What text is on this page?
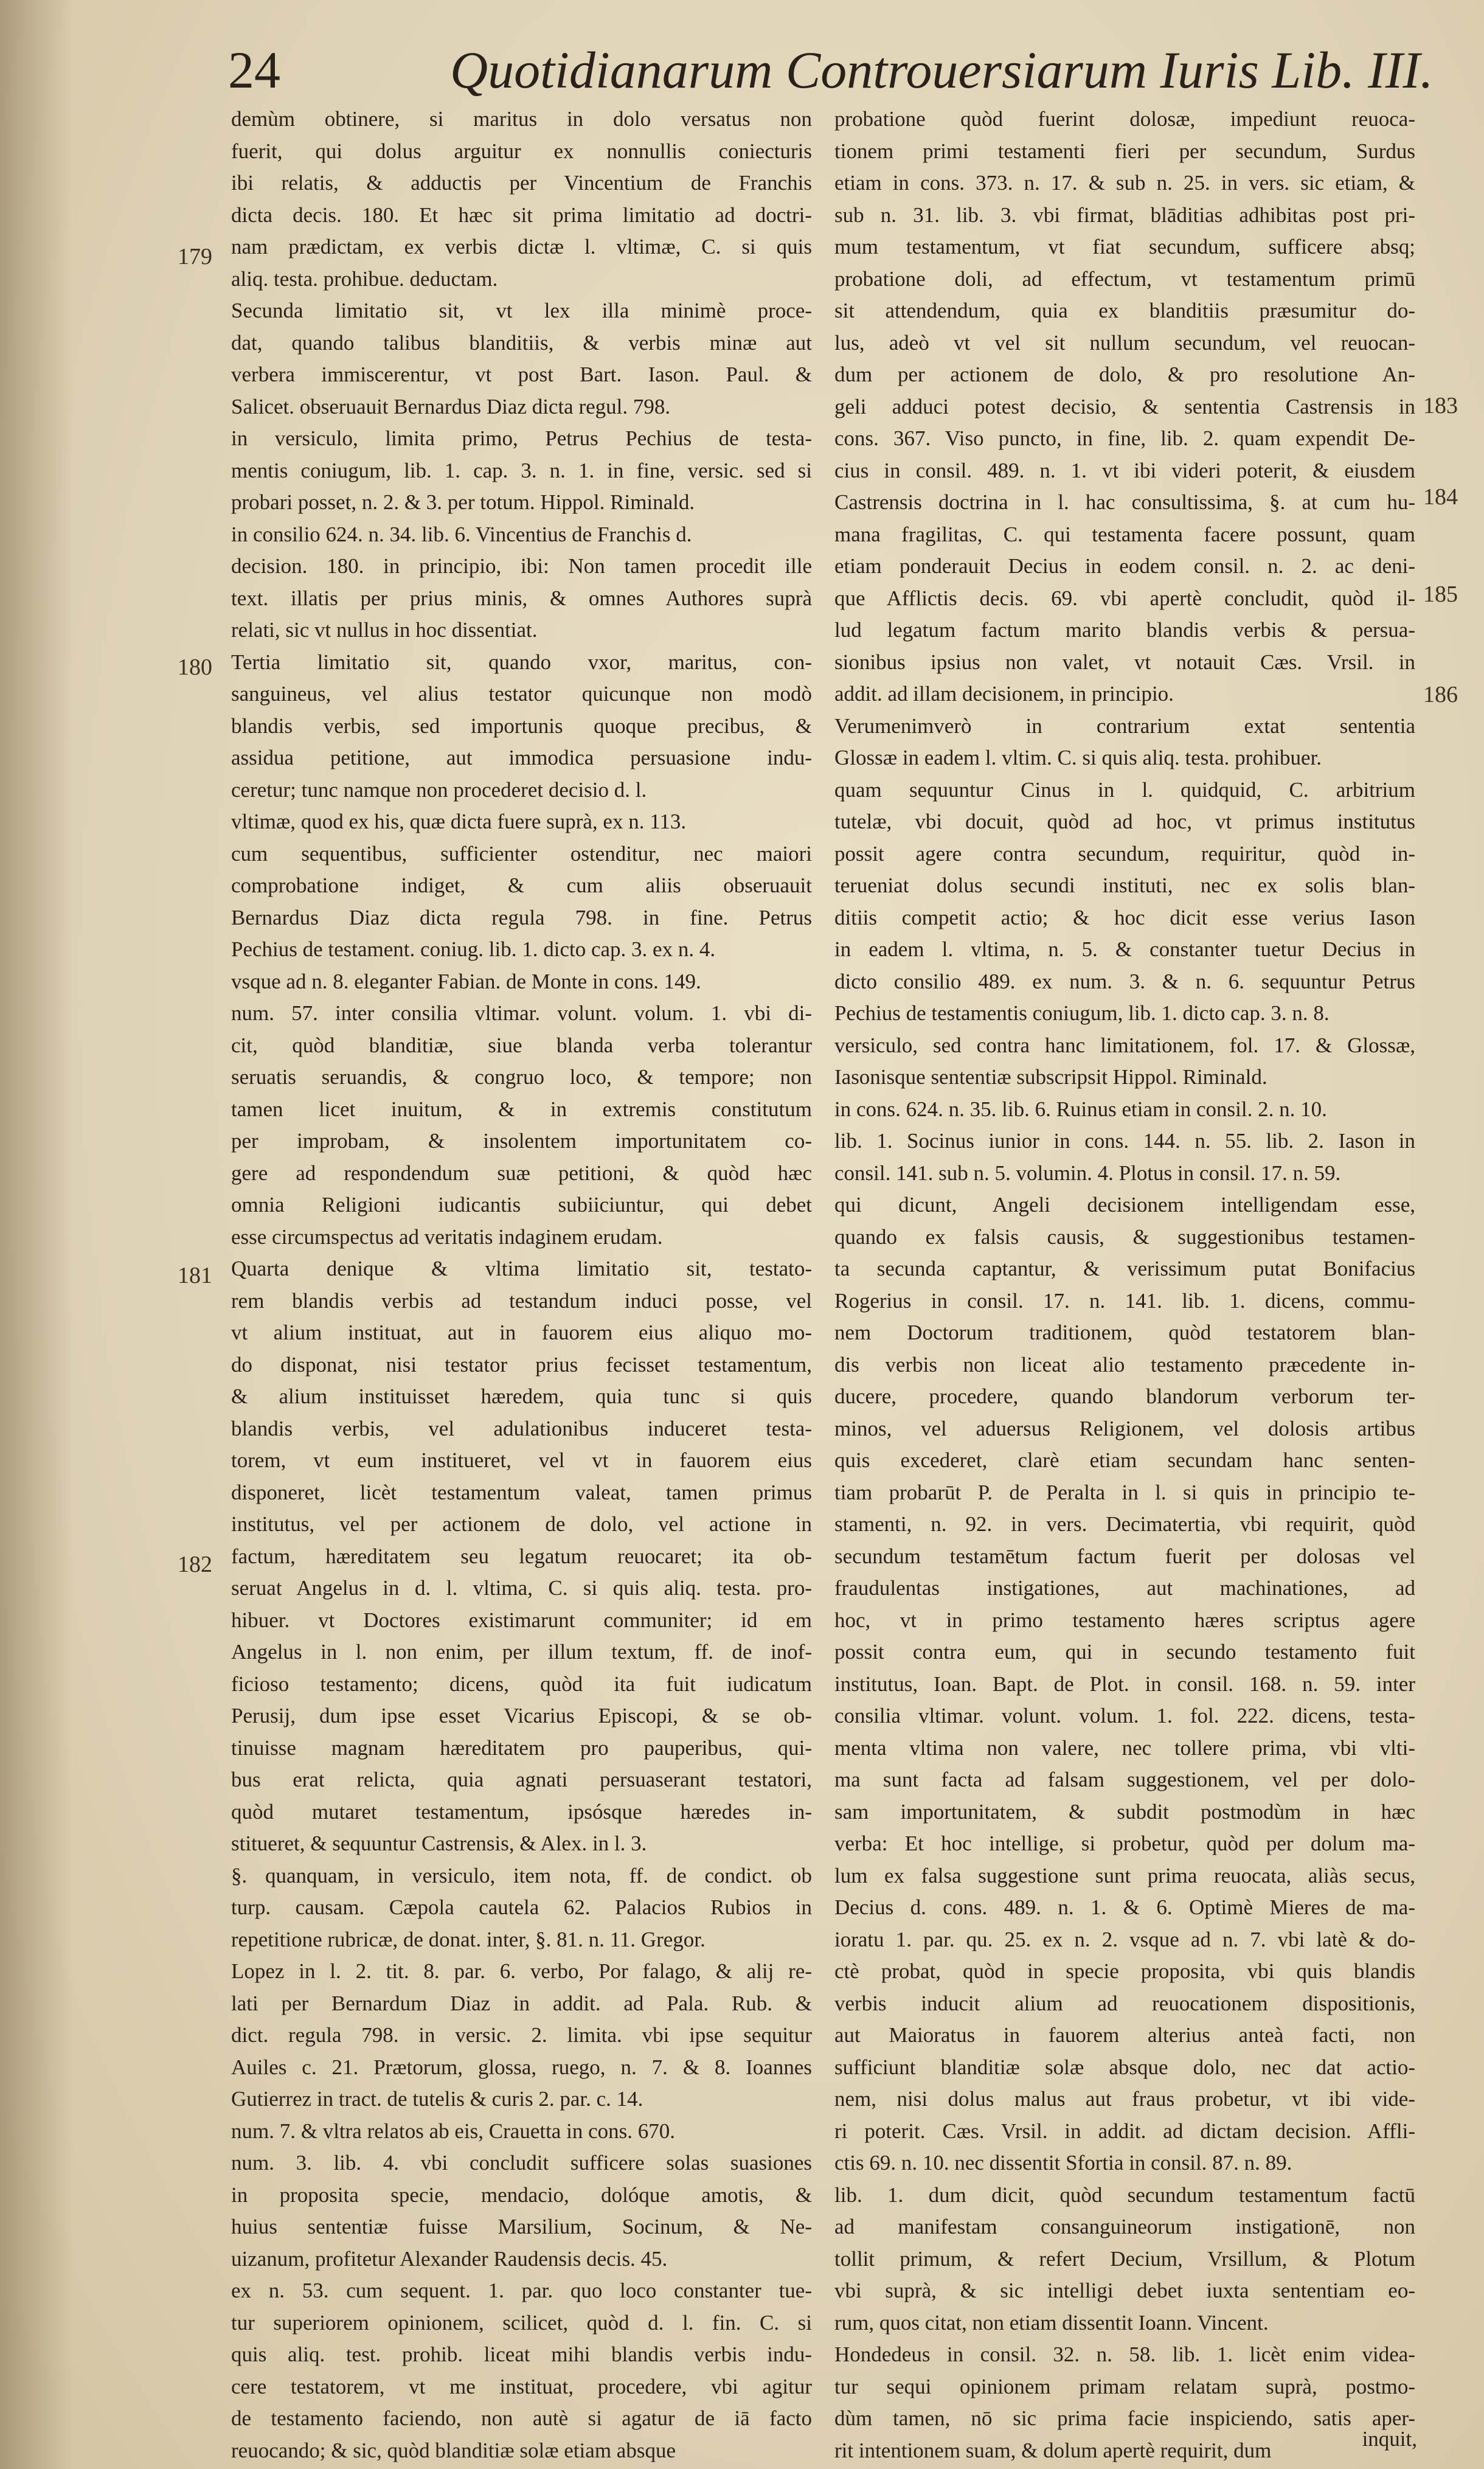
24	Quotidianarum Controuersiarum Iuris Lib. III.
demùm obtinere, si maritus in dolo versatus non
fuerit, qui dolus arguitur ex nonnullis coniecturis
ibi relatis, & adductis per Vincentium de Franchis
dicta decis. 180. Et hæc sit prima limitatio ad doctri-
nam prædictam, ex verbis dictæ l. vltimæ, C. si quis
aliq. testa. prohibue. deductam.
Secunda limitatio sit, vt lex illa minimè proce-
dat, quando talibus blanditiis, & verbis minæ aut
verbera immiscerentur, vt post Bart. Iason. Paul. &
Salicet. obseruauit Bernardus Diaz dicta regul. 798.
in versiculo, limita primo, Petrus Pechius de testa-
mentis coniugum, lib. 1. cap. 3. n. 1. in fine, versic. sed si
probari posset, n. 2. & 3. per totum. Hippol. Riminald.
in consilio 624. n. 34. lib. 6. Vincentius de Franchis d.
decision. 180. in principio, ibi: Non tamen procedit ille
text. illatis per prius minis, & omnes Authores suprà
relati, sic vt nullus in hoc dissentiat.
Tertia limitatio sit, quando vxor, maritus, con-
sanguineus, vel alius testator quicunque non modò
blandis verbis, sed importunis quoque precibus, &
assidua petitione, aut immodica persuasione indu-
ceretur; tunc namque non procederet decisio d. l.
vltimæ, quod ex his, quæ dicta fuere suprà, ex n. 113.
cum sequentibus, sufficienter ostenditur, nec maiori
comprobatione indiget, & cum aliis obseruauit
Bernardus Diaz dicta regula 798. in fine. Petrus
Pechius de testament. coniug. lib. 1. dicto cap. 3. ex n. 4.
vsque ad n. 8. eleganter Fabian. de Monte in cons. 149.
num. 57. inter consilia vltimar. volunt. volum. 1. vbi di-
cit, quòd blanditiæ, siue blanda verba tolerantur
seruatis seruandis, & congruo loco, & tempore; non
tamen licet inuitum, & in extremis constitutum
per improbam, & insolentem importunitatem co-
gere ad respondendum suæ petitioni, & quòd hæc
omnia Religioni iudicantis subiiciuntur, qui debet
esse circumspectus ad veritatis indaginem erudam.
Quarta denique & vltima limitatio sit, testato-
rem blandis verbis ad testandum induci posse, vel
vt alium instituat, aut in fauorem eius aliquo mo-
do disponat, nisi testator prius fecisset testamentum,
& alium instituisset hæredem, quia tunc si quis
blandis verbis, vel adulationibus induceret testa-
torem, vt eum institueret, vel vt in fauorem eius
disponeret, licèt testamentum valeat, tamen primus
institutus, vel per actionem de dolo, vel actione in
factum, hæreditatem seu legatum reuocaret; ita ob-
seruat Angelus in d. l. vltima, C. si quis aliq. testa. pro-
hibuer. vt Doctores existimarunt communiter; id em
Angelus in l. non enim, per illum textum, ff. de inof-
ficioso testamento; dicens, quòd ita fuit iudicatum
Perusij, dum ipse esset Vicarius Episcopi, & se ob-
tinuisse magnam hæreditatem pro pauperibus, qui-
bus erat relicta, quia agnati persuaserant testatori,
quòd mutaret testamentum, ipsósque hæredes in-
stitueret, & sequuntur Castrensis, & Alex. in l. 3.
§. quanquam, in versiculo, item nota, ff. de condict. ob
turp. causam. Cæpola cautela 62. Palacios Rubios in
repetitione rubricæ, de donat. inter, §. 81. n. 11. Gregor.
Lopez in l. 2. tit. 8. par. 6. verbo, Por falago, & alij re-
lati per Bernardum Diaz in addit. ad Pala. Rub. &
dict. regula 798. in versic. 2. limita. vbi ipse sequitur
Auiles c. 21. Prætorum, glossa, ruego, n. 7. & 8. Ioannes
Gutierrez in tract. de tutelis & curis 2. par. c. 14.
num. 7. & vltra relatos ab eis, Crauetta in cons. 670.
num. 3. lib. 4. vbi concludit sufficere solas suasiones
in proposita specie, mendacio, dolóque amotis, &
huius sententiæ fuisse Marsilium, Socinum, & Ne-
uizanum, profitetur Alexander Raudensis decis. 45.
ex n. 53. cum sequent. 1. par. quo loco constanter tue-
tur superiorem opinionem, scilicet, quòd d. l. fin. C. si
quis aliq. test. prohib. liceat mihi blandis verbis indu-
cere testatorem, vt me instituat, procedere, vbi agitur
de testamento faciendo, non autè si agatur de iā facto
reuocando; & sic, quòd blanditiæ solæ etiam absque
probatione quòd fuerint dolosæ, impediunt reuoca-
tionem primi testamenti fieri per secundum, Surdus
etiam in cons. 373. n. 17. & sub n. 25. in vers. sic etiam, &
sub n. 31. lib. 3. vbi firmat, blāditias adhibitas post pri-
mum testamentum, vt fiat secundum, sufficere absq;
probatione doli, ad effectum, vt testamentum primū
sit attendendum, quia ex blanditiis præsumitur do-
lus, adeò vt vel sit nullum secundum, vel reuocan-
dum per actionem de dolo, & pro resolutione An-
geli adduci potest decisio, & sententia Castrensis in
cons. 367. Viso puncto, in fine, lib. 2. quam expendit De-
cius in consil. 489. n. 1. vt ibi videri poterit, & eiusdem
Castrensis doctrina in l. hac consultissima, §. at cum hu-
mana fragilitas, C. qui testamenta facere possunt, quam
etiam ponderauit Decius in eodem consil. n. 2. ac deni-
que Afflictis decis. 69. vbi apertè concludit, quòd il-
lud legatum factum marito blandis verbis & persua-
sionibus ipsius non valet, vt notauit Cæs. Vrsil. in
addit. ad illam decisionem, in principio.
Verumenimverò in contrarium extat sententia
Glossæ in eadem l. vltim. C. si quis aliq. testa. prohibuer.
quam sequuntur Cinus in l. quidquid, C. arbitrium
tutelæ, vbi docuit, quòd ad hoc, vt primus institutus
possit agere contra secundum, requiritur, quòd in-
terueniat dolus secundi instituti, nec ex solis blan-
ditiis competit actio; & hoc dicit esse verius Iason
in eadem l. vltima, n. 5. & constanter tuetur Decius in
dicto consilio 489. ex num. 3. & n. 6. sequuntur Petrus
Pechius de testamentis coniugum, lib. 1. dicto cap. 3. n. 8.
versiculo, sed contra hanc limitationem, fol. 17. & Glossæ,
Iasonisque sententiæ subscripsit Hippol. Riminald.
in cons. 624. n. 35. lib. 6. Ruinus etiam in consil. 2. n. 10.
lib. 1. Socinus iunior in cons. 144. n. 55. lib. 2. Iason in
consil. 141. sub n. 5. volumin. 4. Plotus in consil. 17. n. 59.
qui dicunt, Angeli decisionem intelligendam esse,
quando ex falsis causis, & suggestionibus testamen-
ta secunda captantur, & verissimum putat Bonifacius
Rogerius in consil. 17. n. 141. lib. 1. dicens, commu-
nem Doctorum traditionem, quòd testatorem blan-
dis verbis non liceat alio testamento præcedente in-
ducere, procedere, quando blandorum verborum ter-
minos, vel aduersus Religionem, vel dolosis artibus
quis excederet, clarè etiam secundam hanc senten-
tiam probarūt P. de Peralta in l. si quis in principio te-
stamenti, n. 92. in vers. Decimatertia, vbi requirit, quòd
secundum testamētum factum fuerit per dolosas vel
fraudulentas instigationes, aut machinationes, ad
hoc, vt in primo testamento hæres scriptus agere
possit contra eum, qui in secundo testamento fuit
institutus, Ioan. Bapt. de Plot. in consil. 168. n. 59. inter
consilia vltimar. volunt. volum. 1. fol. 222. dicens, testa-
menta vltima non valere, nec tollere prima, vbi vlti-
ma sunt facta ad falsam suggestionem, vel per dolo-
sam importunitatem, & subdit postmodùm in hæc
verba: Et hoc intellige, si probetur, quòd per dolum ma-
lum ex falsa suggestione sunt prima reuocata, aliàs secus,
Decius d. cons. 489. n. 1. & 6. Optimè Mieres de ma-
ioratu 1. par. qu. 25. ex n. 2. vsque ad n. 7. vbi latè & do-
ctè probat, quòd in specie proposita, vbi quis blandis
verbis inducit alium ad reuocationem dispositionis,
aut Maioratus in fauorem alterius anteà facti, non
sufficiunt blanditiæ solæ absque dolo, nec dat actio-
nem, nisi dolus malus aut fraus probetur, vt ibi vide-
ri poterit. Cæs. Vrsil. in addit. ad dictam decision. Affli-
ctis 69. n. 10. nec dissentit Sfortia in consil. 87. n. 89.
lib. 1. dum dicit, quòd secundum testamentum factū
ad manifestam consanguineorum instigationē, non
tollit primum, & refert Decium, Vrsillum, & Plotum
vbi suprà, & sic intelligi debet iuxta sententiam eo-
rum, quos citat, non etiam dissentit Ioann. Vincent.
Hondedeus in consil. 32. n. 58. lib. 1. licèt enim videa-
tur sequi opinionem primam relatam suprà, postmo-
dùm tamen, nō sic prima facie inspiciendo, satis aper-
rit intentionem suam, & dolum apertè requirit, dum
179
180
181
182
183
184
185
186
inquit,
